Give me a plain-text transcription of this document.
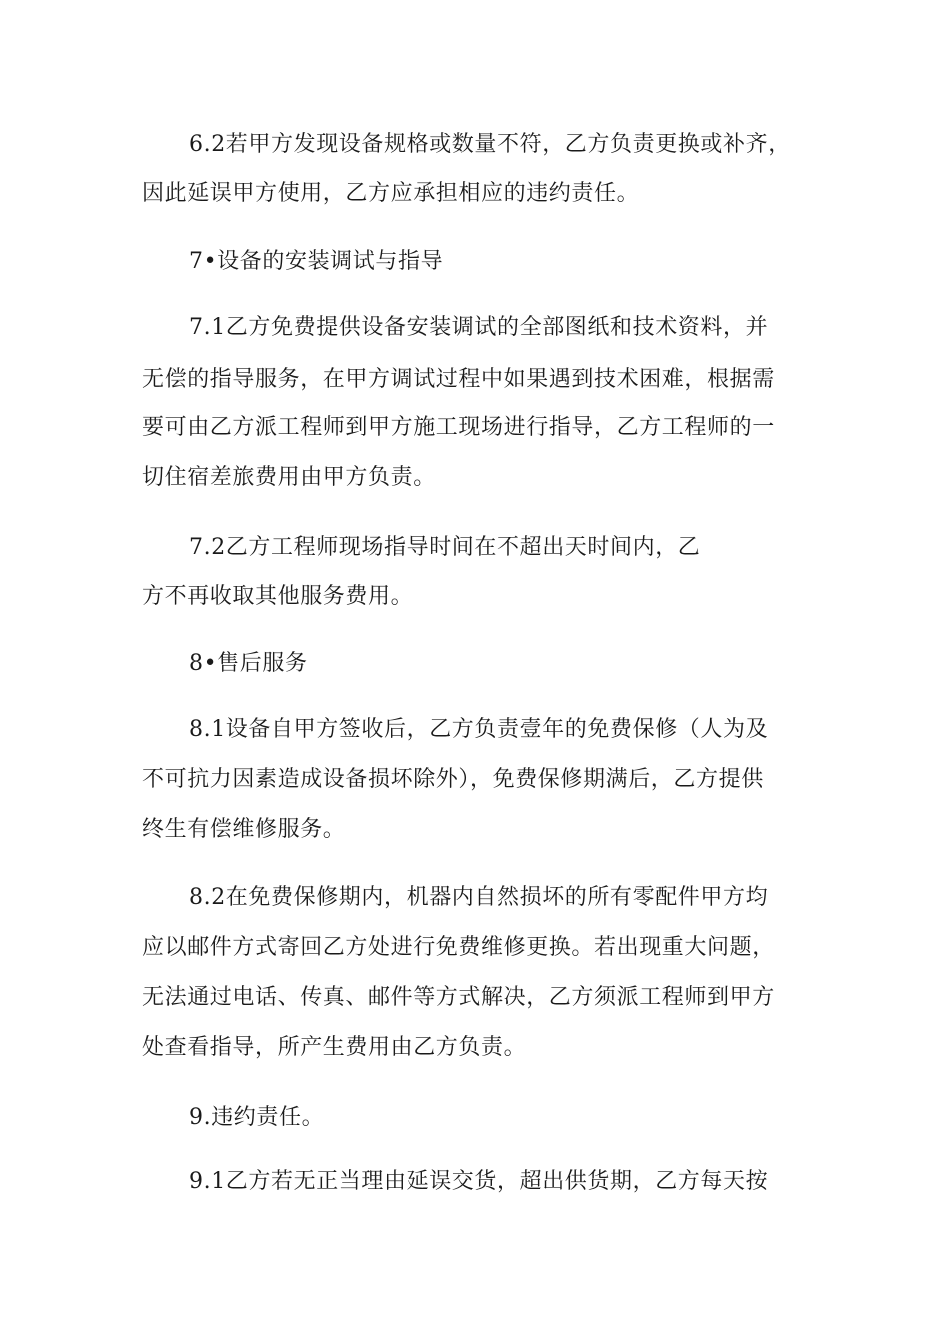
6.2若甲方发现设备规格或数量不符，乙方负责更换或补齐，
因此延误甲方使用，乙方应承担相应的违约责任。
7•设备的安装调试与指导
7.1乙方免费提供设备安装调试的全部图纸和技术资料，并
无偿的指导服务，在甲方调试过程中如果遇到技术困难，根据需
要可由乙方派工程师到甲方施工现场进行指导，乙方工程师的一
切住宿差旅费用由甲方负责。
7.2乙方工程师现场指导时间在不超出天时间内，乙
方不再收取其他服务费用。
8•售后服务
8.1设备自甲方签收后，乙方负责壹年的免费保修（人为及
不可抗力因素造成设备损坏除外），免费保修期满后，乙方提供
终生有偿维修服务。
8.2在免费保修期内，机器内自然损坏的所有零配件甲方均
应以邮件方式寄回乙方处进行免费维修更换。若出现重大问题，
无法通过电话、传真、邮件等方式解决，乙方须派工程师到甲方
处查看指导，所产生费用由乙方负责。
9.违约责任。
9.1乙方若无正当理由延误交货，超出供货期，乙方每天按
